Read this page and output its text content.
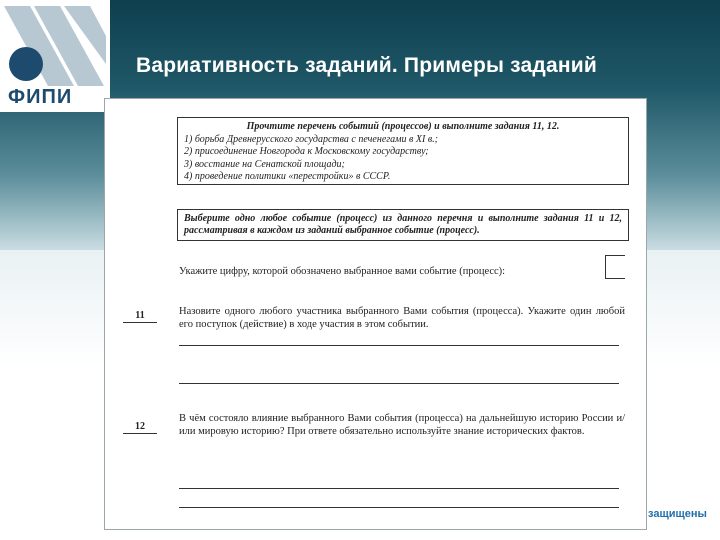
ФИПИ
Вариативность заданий. Примеры заданий
Прочтите перечень событий (процессов) и выполните задания 11, 12.
1) борьба Древнерусского государства с печенегами в XI в.;
2) присоединение Новгорода к Московскому государству;
3) восстание на Сенатской площади;
4) проведение политики «перестройки» в СССР.
Выберите одно любое событие (процесс) из данного перечня и выполните задания 11 и 12, рассматривая в каждом из заданий выбранное событие (процесс).
Укажите цифру, которой обозначено выбранное вами событие (процесс):
11	Назовите одного любого участника выбранного Вами события (процесса). Укажите один любой его поступок (действие) в ходе участия в этом событии.
12
В чём состояло влияние выбранного Вами события (процесса) на дальнейшую историю России и/или мировую историю? При ответе обязательно используйте знание исторических фактов.
защищены
